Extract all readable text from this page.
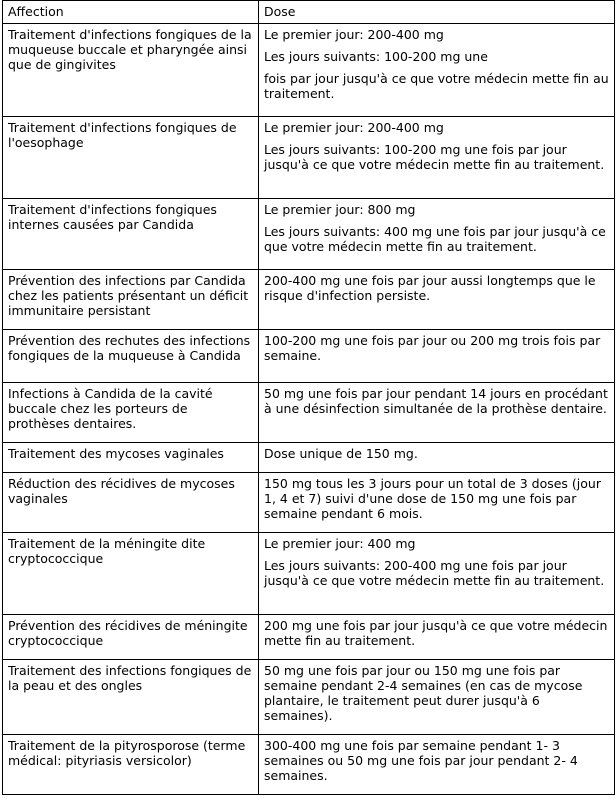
Affection	Dose
Traitement d'infections fongiques de la muqueuse buccale et pharyngée ainsi que de gingivites	Le premier jour: 200-400 mg

Les jours suivants: 100-200 mg une

fois par jour jusqu'à ce que votre médecin mette fin au traitement.

Traitement d'infections fongiques de l'oesophage	Le premier jour: 200-400 mg

Les jours suivants: 100-200 mg une fois par jour jusqu'à ce que votre médecin mette fin au traitement.

Traitement d'infections fongiques internes causées par Candida	Le premier jour: 800 mg

Les jours suivants: 400 mg une fois par jour jusqu'à ce que votre médecin mette fin au traitement.

Prévention des infections par Candida chez les patients présentant un déficit immunitaire persistant	200-400 mg une fois par jour aussi longtemps que le risque d'infection persiste.

Prévention des rechutes des infections fongiques de la muqueuse à Candida	100-200 mg une fois par jour ou 200 mg trois fois par semaine.

Infections à Candida de la cavité buccale chez les porteurs de prothèses dentaires.	50 mg une fois par jour pendant 14 jours en procédant à une désinfection simultanée de la prothèse dentaire.

Traitement des mycoses vaginales	Dose unique de 150 mg.

Réduction des récidives de mycoses vaginales	150 mg tous les 3 jours pour un total de 3 doses (jour 1, 4 et 7) suivi d'une dose de 150 mg une fois par semaine pendant 6 mois.

Traitement de la méningite dite cryptococcique	Le premier jour: 400 mg

Les jours suivants: 200-400 mg une fois par jour jusqu'à ce que votre médecin mette fin au traitement.

Prévention des récidives de méningite cryptococcique	200 mg une fois par jour jusqu'à ce que votre médecin mette fin au traitement.

Traitement des infections fongiques de la peau et des ongles	50 mg une fois par jour ou 150 mg une fois par semaine pendant 2-4 semaines (en cas de mycose plantaire, le traitement peut durer jusqu'à 6 semaines).

Traitement de la pityrosporose (terme médical: pityriasis versicolor)	300-400 mg une fois par semaine pendant 1- 3 semaines ou 50 mg une fois par jour pendant 2- 4 semaines.
